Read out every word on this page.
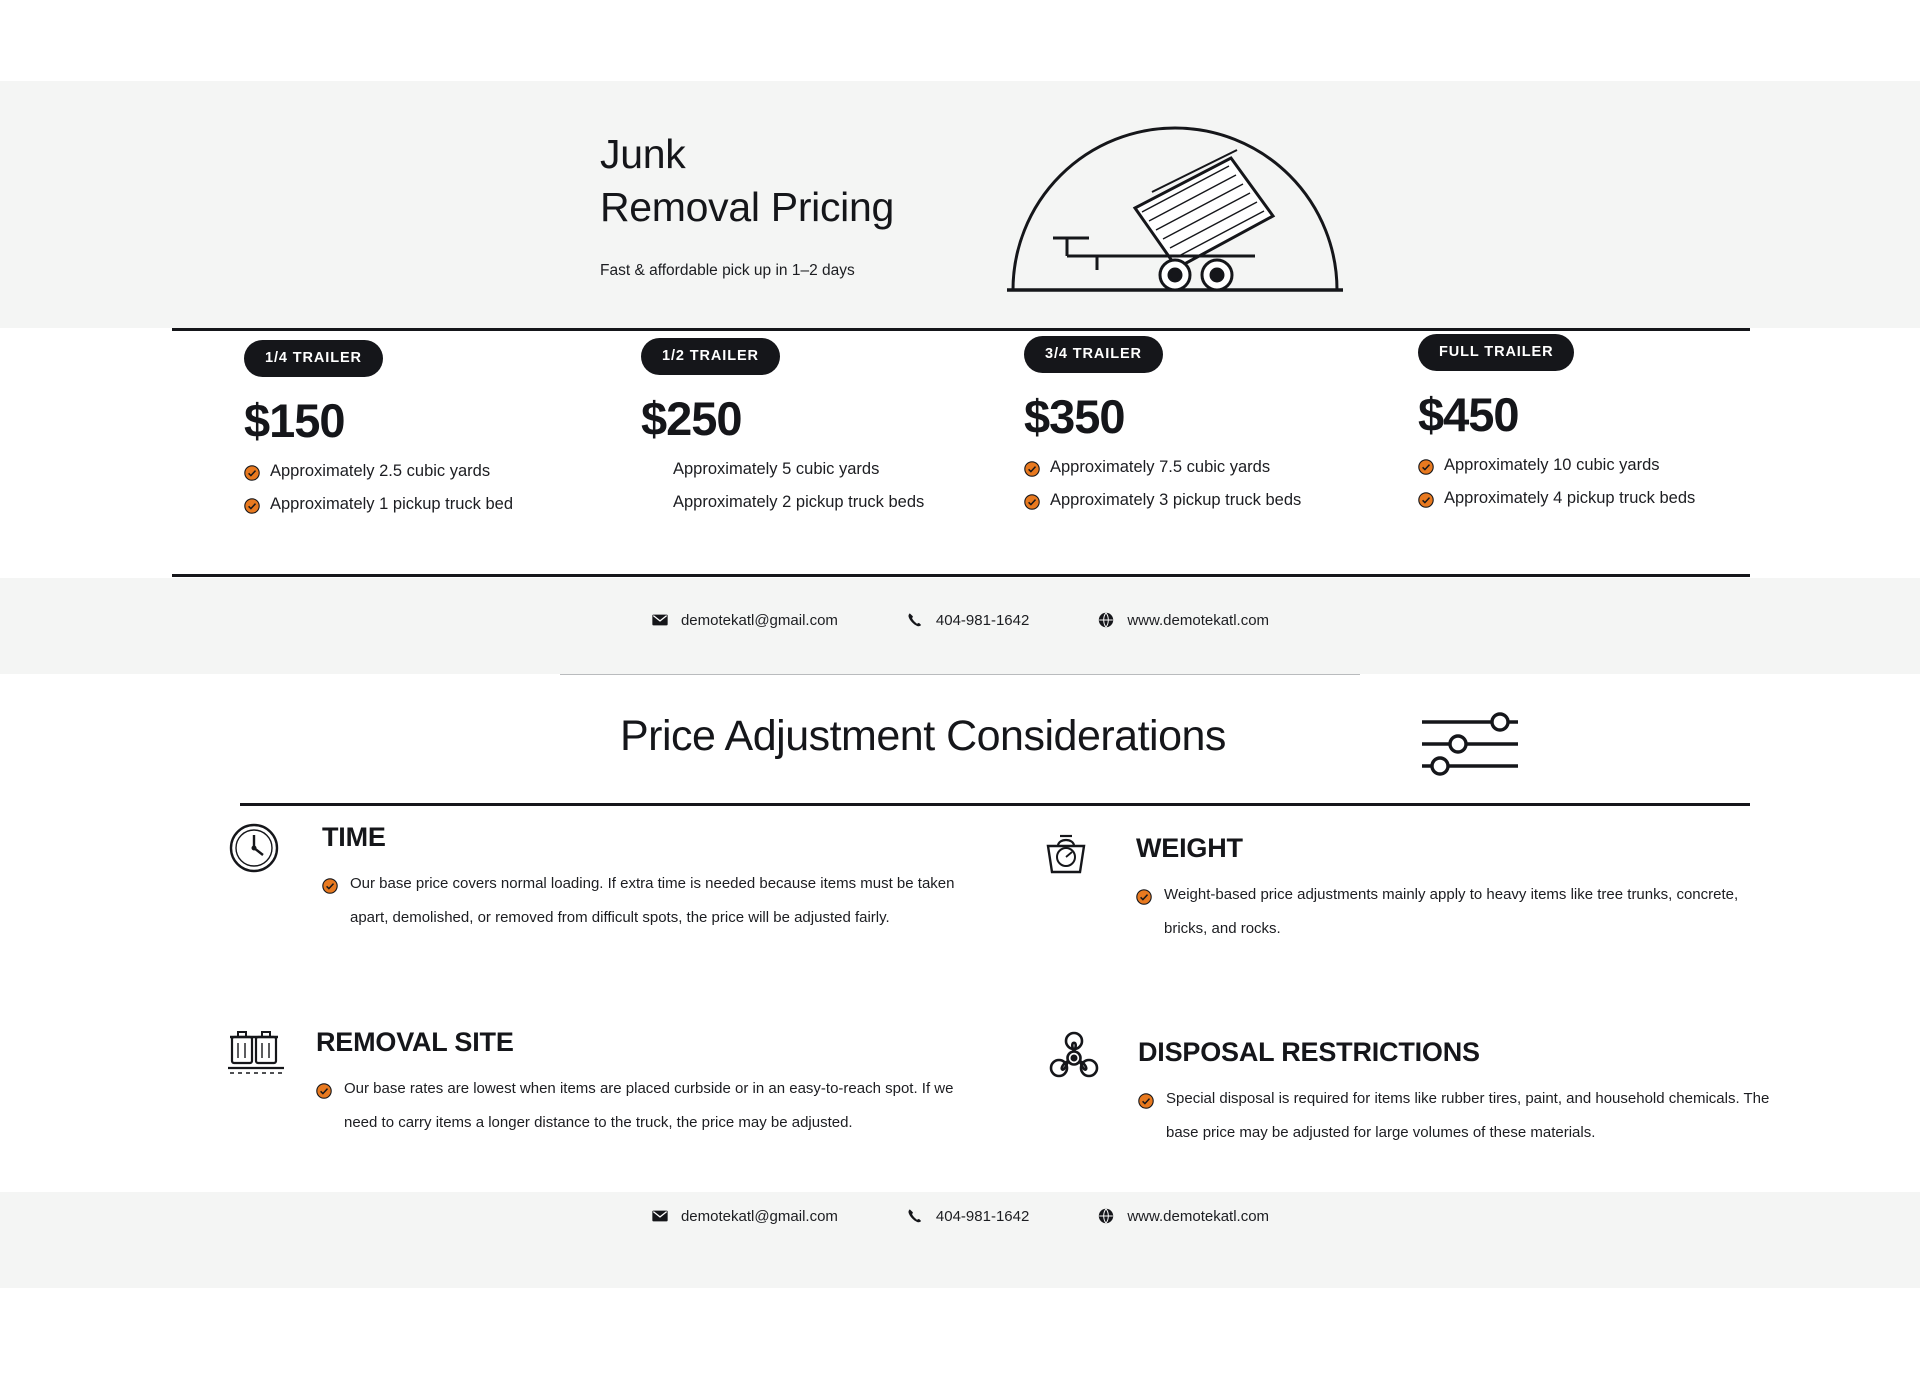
Junk
Removal Pricing
Fast & affordable pick up in 1–2 days
1/4 TRAILER
$150
Approximately 2.5 cubic yards
Approximately 1 pickup truck bed
1/2 TRAILER
$250
Approximately 5 cubic yards
Approximately 2 pickup truck beds
3/4 TRAILER
$350
Approximately 7.5 cubic yards
Approximately 3 pickup truck beds
FULL TRAILER
$450
Approximately 10 cubic yards
Approximately 4 pickup truck beds
demotekatl@gmail.com	404-981-1642	www.demotekatl.com
Price Adjustment Considerations
TIME

Our base price covers normal loading. If extra time is needed because items must be taken apart, demolished, or removed from difficult spots, the price will be adjusted fairly.

WEIGHT

Weight-based price adjustments mainly apply to heavy items like tree trunks, concrete, bricks, and rocks.

REMOVAL SITE

Our base rates are lowest when items are placed curbside or in an easy-to-reach spot. If we need to carry items a longer distance to the truck, the price may be adjusted.

DISPOSAL RESTRICTIONS

Special disposal is required for items like rubber tires, paint, and household chemicals. The base price may be adjusted for large volumes of these materials.

demotekatl@gmail.com	404-981-1642	www.demotekatl.com
